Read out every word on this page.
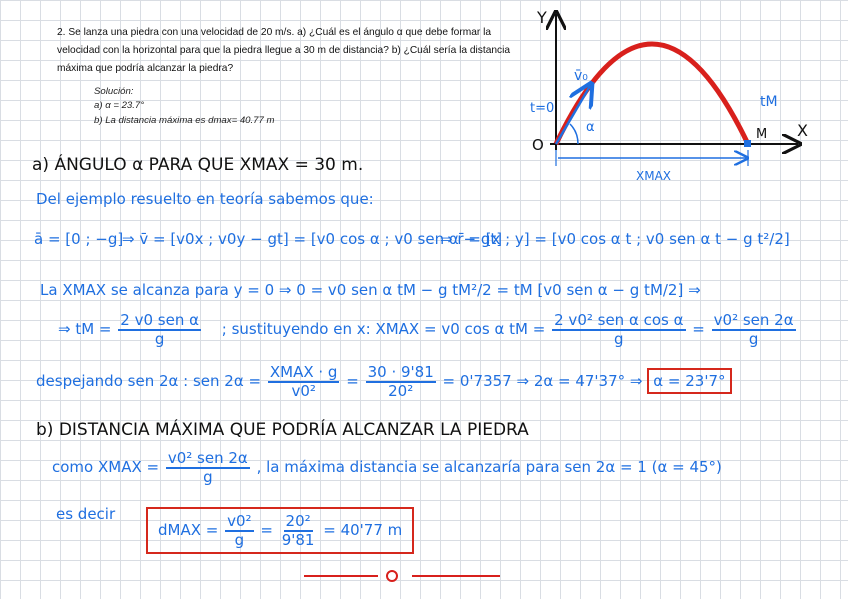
2. Se lanza una piedra con una velocidad de 20 m/s. a) ¿Cuál es el ángulo α que debe formar la velocidad con la horizontal para que la piedra llegue a 30 m de distancia? b) ¿Cuál sería la distancia máxima que podría alcanzar la piedra?
Solución:
a) α = 23.7°
b) La distancia máxima es dmax= 40.77 m
Y
X
O
t=0
v̄₀
α
tM
M
XMAX
a) ÁNGULO α PARA QUE XMAX = 30 m.
Del ejemplo resuelto en teoría sabemos que:
ā = [0 ; −g]
⇒ v̄ = [v0x ; v0y − gt] = [v0 cos α ; v0 sen α − gt]
⇒ r̄ = [x ; y] = [v0 cos α t ; v0 sen α t − g t²/2]
La XMAX se alcanza para y = 0 ⇒ 0 = v0 sen α tM − g tM²/2 = tM [v0 sen α − g tM/2] ⇒
⇒ tM = $\frac{\text{2 v0 sen α}}{g}$ ; sustituyendo en x: XMAX = v0 cos α tM = $\frac{\text{2 v0² sen α cos α}}{g} = \frac{\text{v0² sen 2α}}{g}$
despejando sen 2α : sen $2\alpha = \frac{\text{XMAX · g}}{\text{v0²}} = \frac{30 \cdot 9'81}{\text{20²}} = 0'7357$ ⇒ 2α = 47'37° ⇒ α = 23'7°
b) DISTANCIA MÁXIMA QUE PODRÍA ALCANZAR LA PIEDRA
como XMAX = $\frac{\text{v0² sen 2α}}{g}$ , la máxima distancia se alcanzaría para sen 2α = 1 (α = 45°)
es decir
dMAX = $\frac{\text{v0²}}{g} = \frac{\text{20²}}{9'81} = 40'77$ m
